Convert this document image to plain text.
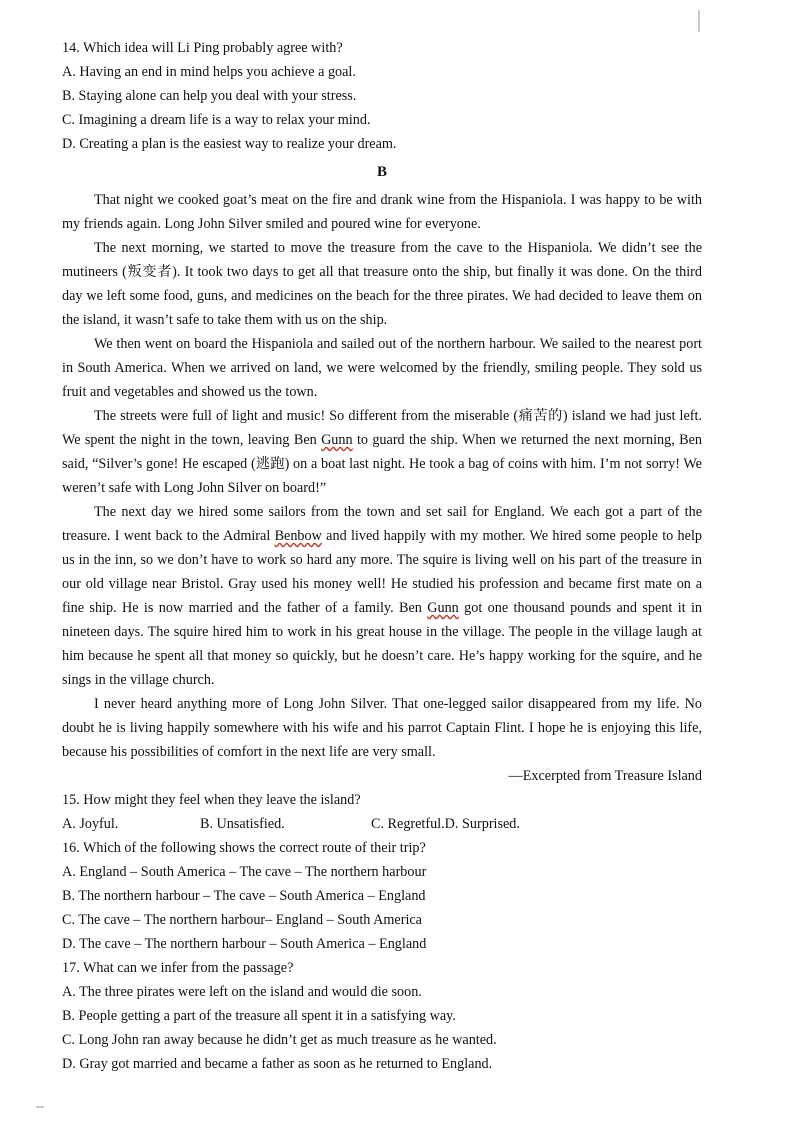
14. Which idea will Li Ping probably agree with?
A. Having an end in mind helps you achieve a goal.
B. Staying alone can help you deal with your stress.
C. Imagining a dream life is a way to relax your mind.
D. Creating a plan is the easiest way to realize your dream.
B
That night we cooked goat’s meat on the fire and drank wine from the Hispaniola. I was happy to be with my friends again. Long John Silver smiled and poured wine for everyone.
The next morning, we started to move the treasure from the cave to the Hispaniola. We didn’t see the mutineers (叛变者). It took two days to get all that treasure onto the ship, but finally it was done. On the third day we left some food, guns, and medicines on the beach for the three pirates. We had decided to leave them on the island, it wasn’t safe to take them with us on the ship.
We then went on board the Hispaniola and sailed out of the northern harbour. We sailed to the nearest port in South America. When we arrived on land, we were welcomed by the friendly, smiling people. They sold us fruit and vegetables and showed us the town.
The streets were full of light and music! So different from the miserable (痛苦的) island we had just left. We spent the night in the town, leaving Ben Gunn to guard the ship. When we returned the next morning, Ben said, “Silver’s gone! He escaped (逃跑) on a boat last night. He took a bag of coins with him. I’m not sorry! We weren’t safe with Long John Silver on board!”
The next day we hired some sailors from the town and set sail for England. We each got a part of the treasure. I went back to the Admiral Benbow and lived happily with my mother. We hired some people to help us in the inn, so we don’t have to work so hard any more. The squire is living well on his part of the treasure in our old village near Bristol. Gray used his money well! He studied his profession and became first mate on a fine ship. He is now married and the father of a family. Ben Gunn got one thousand pounds and spent it in nineteen days. The squire hired him to work in his great house in the village. The people in the village laugh at him because he spent all that money so quickly, but he doesn’t care. He’s happy working for the squire, and he sings in the village church.
I never heard anything more of Long John Silver. That one-legged sailor disappeared from my life. No doubt he is living happily somewhere with his wife and his parrot Captain Flint. I hope he is enjoying this life, because his possibilities of comfort in the next life are very small.
—Excerpted from Treasure Island
15. How might they feel when they leave the island?
A. Joyful.	B. Unsatisfied.	C. Regretful.D. Surprised.
16. Which of the following shows the correct route of their trip?
A. England – South America – The cave – The northern harbour
B. The northern harbour – The cave – South America – England
C. The cave – The northern harbour– England – South America
D. The cave – The northern harbour – South America – England
17. What can we infer from the passage?
A. The three pirates were left on the island and would die soon.
B. People getting a part of the treasure all spent it in a satisfying way.
C. Long John ran away because he didn’t get as much treasure as he wanted.
D. Gray got married and became a father as soon as he returned to England.
